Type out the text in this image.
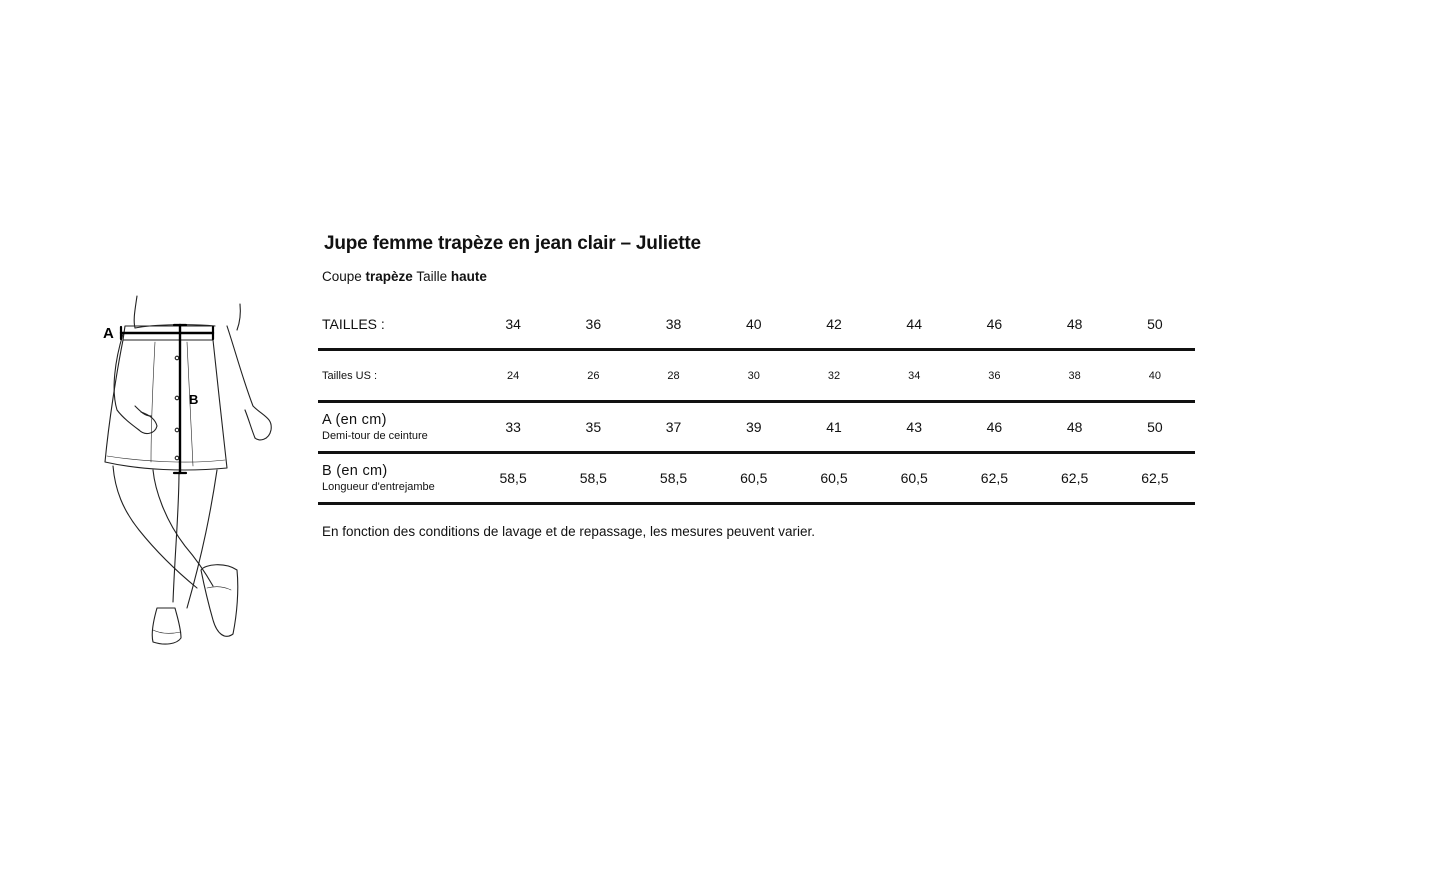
A
B
Jupe femme trapèze en jean clair – Juliette
Coupe trapèze Taille haute
TAILLES :	34	36	38	40	42	44	46	48	50
Tailles US :	24	26	28	30	32	34	36	38	40

A (en cm)
Demi-tour de ceinture	33	35	37	39	41	43	46	48	50

B (en cm)
Longueur d'entrejambe	58,5	58,5	58,5	60,5	60,5	60,5	62,5	62,5	62,5
En fonction des conditions de lavage et de repassage, les mesures peuvent varier.
